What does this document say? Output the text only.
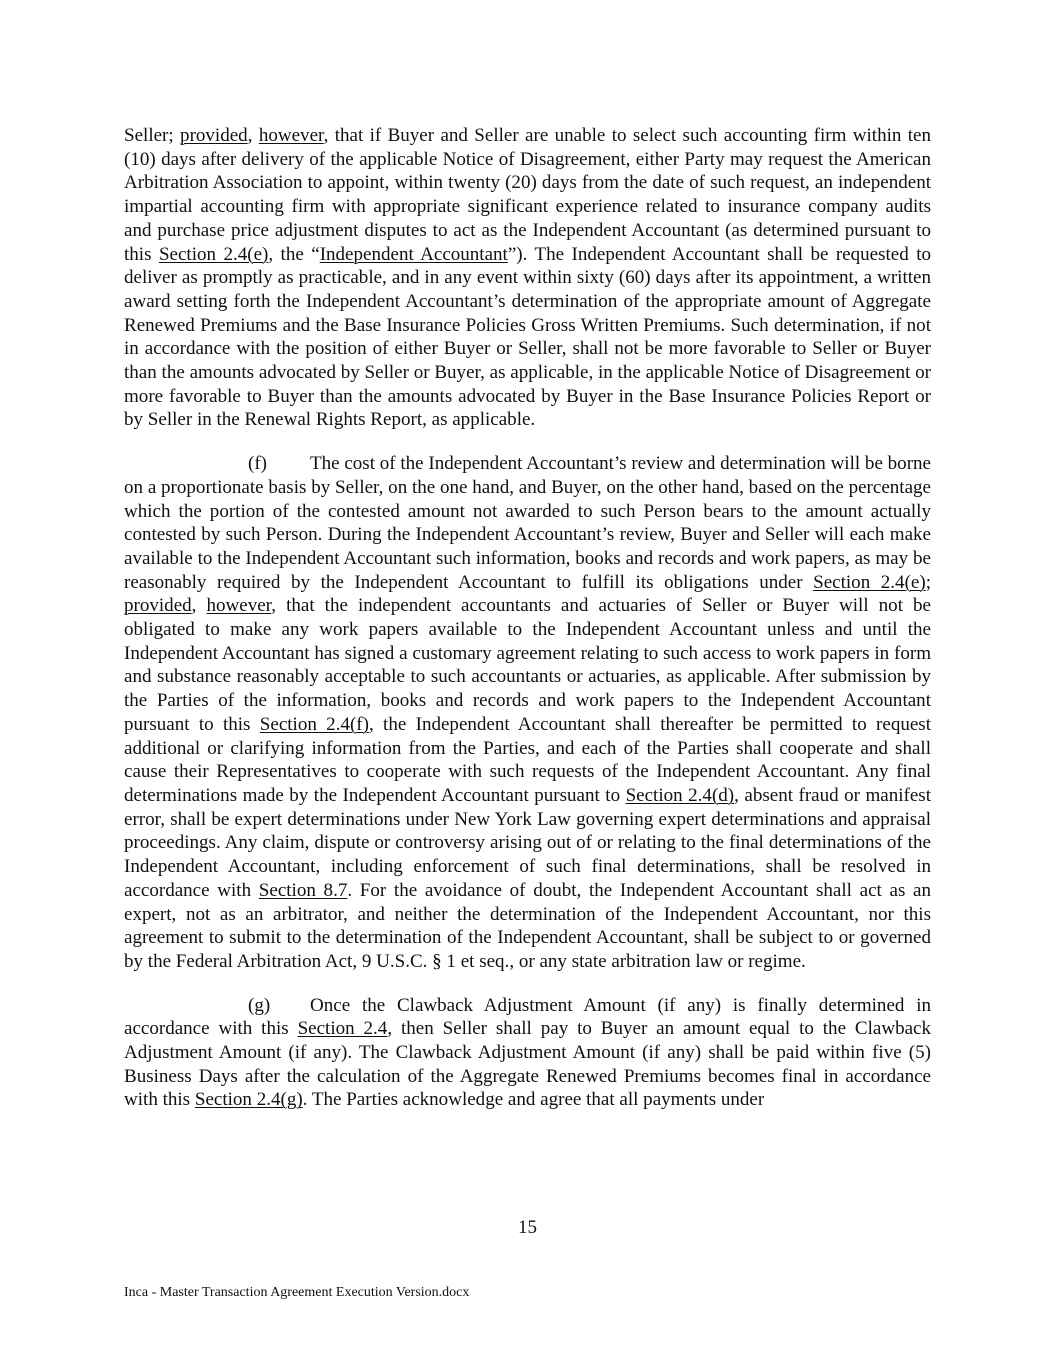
Seller; provided, however, that if Buyer and Seller are unable to select such accounting firm within ten (10) days after delivery of the applicable Notice of Disagreement, either Party may request the American Arbitration Association to appoint, within twenty (20) days from the date of such request, an independent impartial accounting firm with appropriate significant experience related to insurance company audits and purchase price adjustment disputes to act as the Independent Accountant (as determined pursuant to this Section 2.4(e), the “Independent Accountant”). The Independent Accountant shall be requested to deliver as promptly as practicable, and in any event within sixty (60) days after its appointment, a written award setting forth the Independent Accountant’s determination of the appropriate amount of Aggregate Renewed Premiums and the Base Insurance Policies Gross Written Premiums. Such determination, if not in accordance with the position of either Buyer or Seller, shall not be more favorable to Seller or Buyer than the amounts advocated by Seller or Buyer, as applicable, in the applicable Notice of Disagreement or more favorable to Buyer than the amounts advocated by Buyer in the Base Insurance Policies Report or by Seller in the Renewal Rights Report, as applicable.

(f) The cost of the Independent Accountant’s review and determination will be borne on a proportionate basis by Seller, on the one hand, and Buyer, on the other hand, based on the percentage which the portion of the contested amount not awarded to such Person bears to the amount actually contested by such Person. During the Independent Accountant’s review, Buyer and Seller will each make available to the Independent Accountant such information, books and records and work papers, as may be reasonably required by the Independent Accountant to fulfill its obligations under Section 2.4(e); provided, however, that the independent accountants and actuaries of Seller or Buyer will not be obligated to make any work papers available to the Independent Accountant unless and until the Independent Accountant has signed a customary agreement relating to such access to work papers in form and substance reasonably acceptable to such accountants or actuaries, as applicable. After submission by the Parties of the information, books and records and work papers to the Independent Accountant pursuant to this Section 2.4(f), the Independent Accountant shall thereafter be permitted to request additional or clarifying information from the Parties, and each of the Parties shall cooperate and shall cause their Representatives to cooperate with such requests of the Independent Accountant. Any final determinations made by the Independent Accountant pursuant to Section 2.4(d), absent fraud or manifest error, shall be expert determinations under New York Law governing expert determinations and appraisal proceedings. Any claim, dispute or controversy arising out of or relating to the final determinations of the Independent Accountant, including enforcement of such final determinations, shall be resolved in accordance with Section 8.7. For the avoidance of doubt, the Independent Accountant shall act as an expert, not as an arbitrator, and neither the determination of the Independent Accountant, nor this agreement to submit to the determination of the Independent Accountant, shall be subject to or governed by the Federal Arbitration Act, 9 U.S.C. § 1 et seq., or any state arbitration law or regime.

(g) Once the Clawback Adjustment Amount (if any) is finally determined in accordance with this Section 2.4, then Seller shall pay to Buyer an amount equal to the Clawback Adjustment Amount (if any). The Clawback Adjustment Amount (if any) shall be paid within five (5) Business Days after the calculation of the Aggregate Renewed Premiums becomes final in accordance with this Section 2.4(g). The Parties acknowledge and agree that all payments under

15
Inca - Master Transaction Agreement Execution Version.docx
